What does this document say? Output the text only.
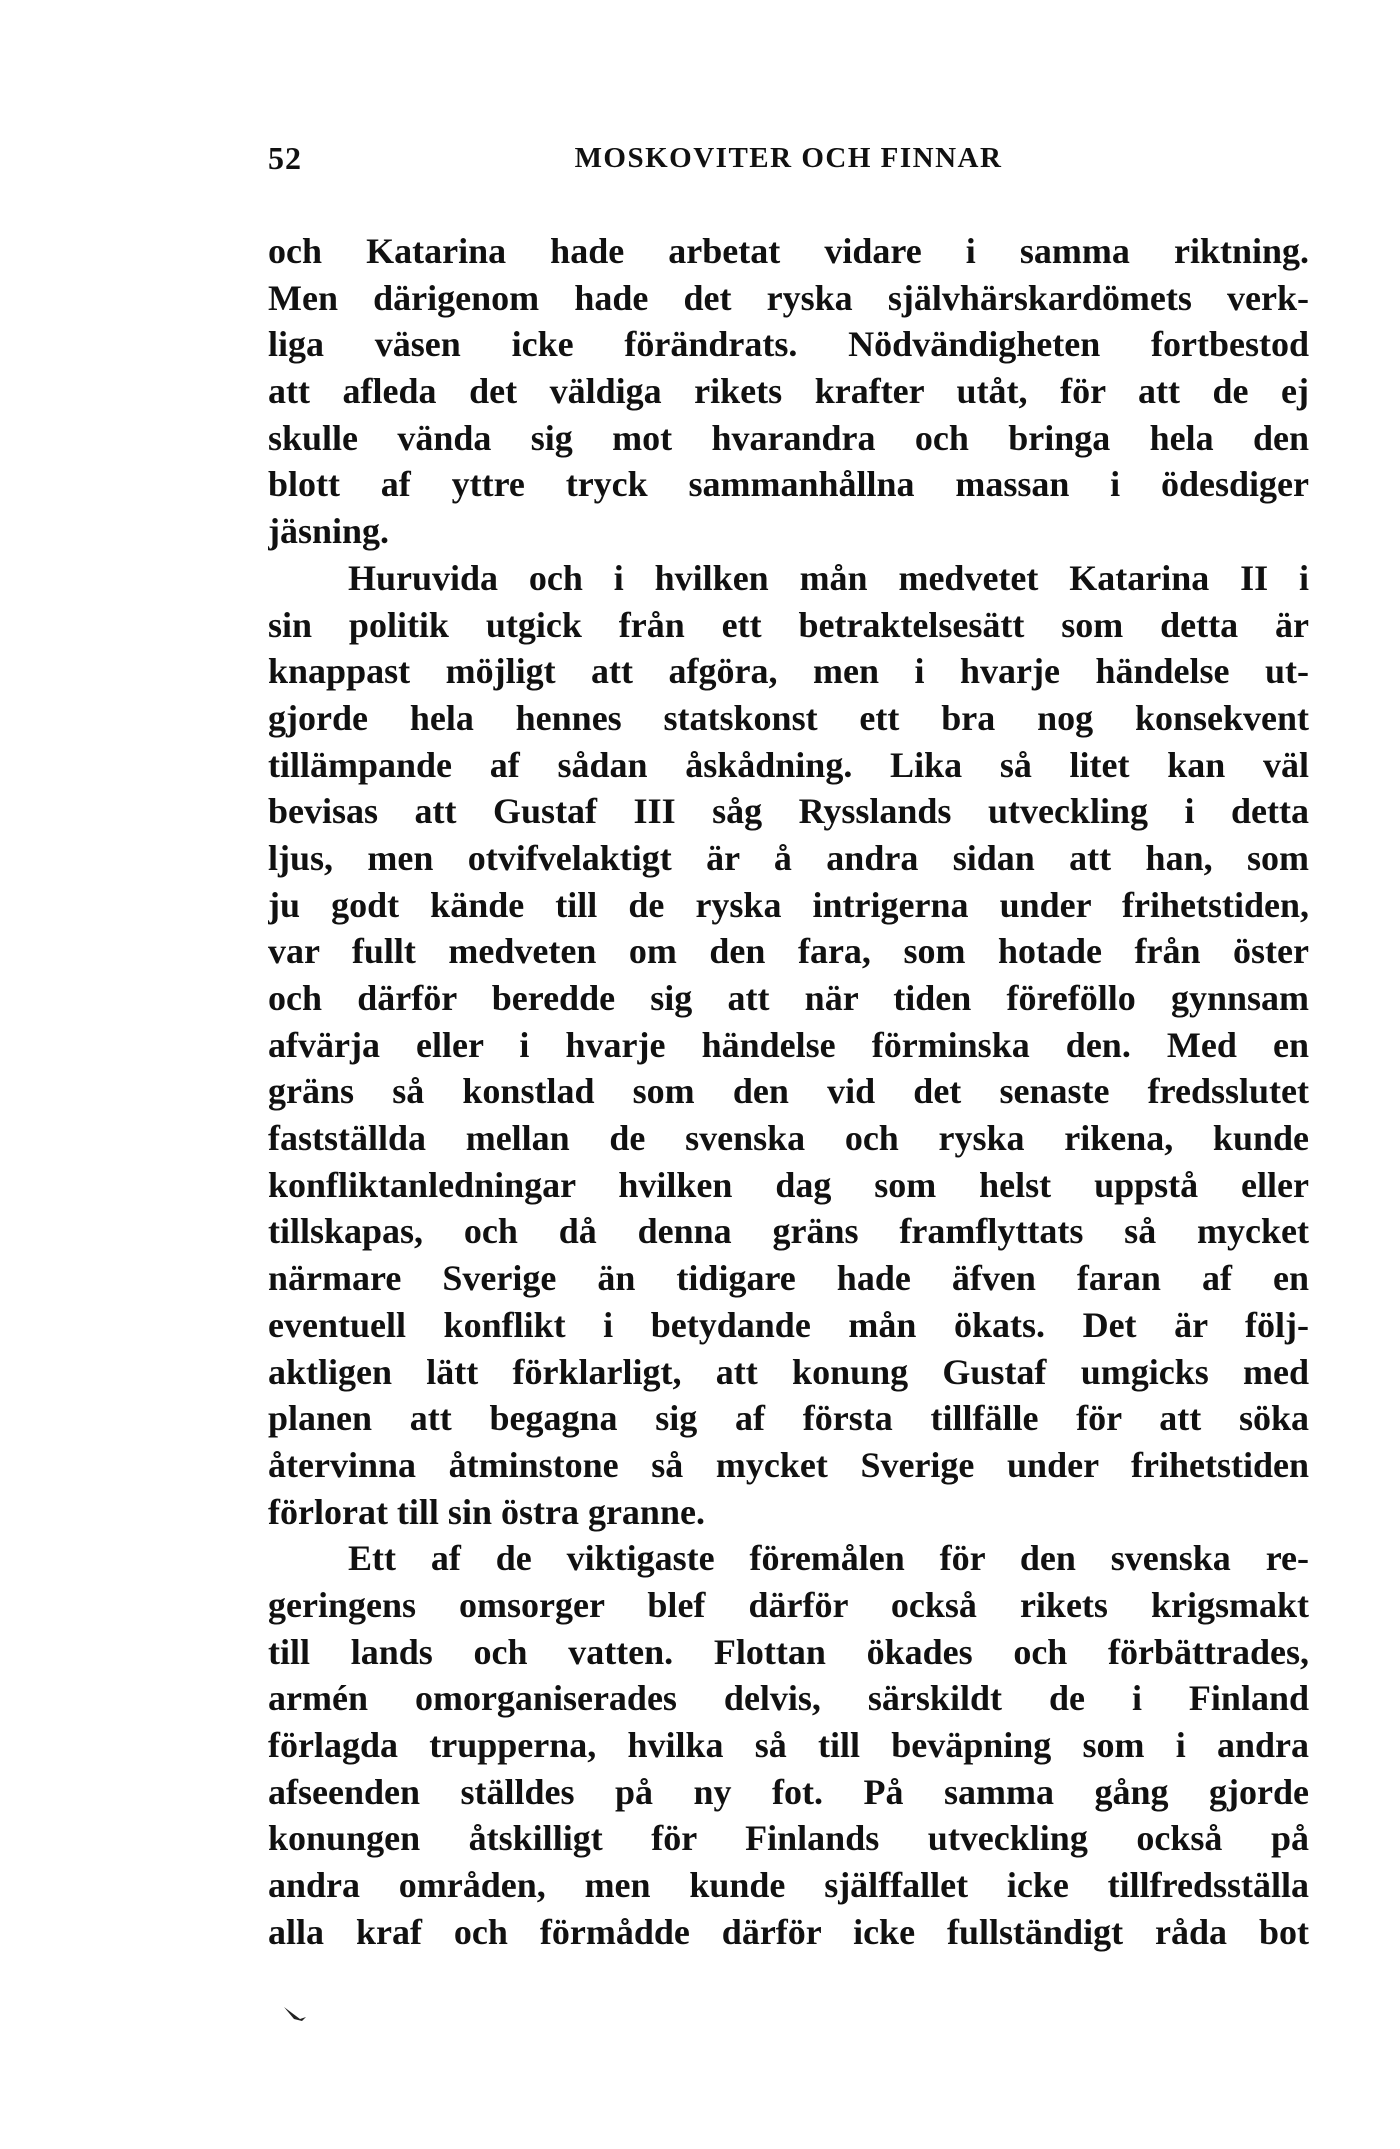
52	MOSKOVITER OCH FINNAR
och Katarina hade arbetat vidare i samma riktning.
Men därigenom hade det ryska självhärskardömets verk-
liga väsen icke förändrats. Nödvändigheten fortbestod
att afleda det väldiga rikets krafter utåt, för att de ej
skulle vända sig mot hvarandra och bringa hela den
blott af yttre tryck sammanhållna massan i ödesdiger
jäsning.
Huruvida och i hvilken mån medvetet Katarina II i
sin politik utgick från ett betraktelsesätt som detta är
knappast möjligt att afgöra, men i hvarje händelse ut-
gjorde hela hennes statskonst ett bra nog konsekvent
tillämpande af sådan åskådning. Lika så litet kan väl
bevisas att Gustaf III såg Rysslands utveckling i detta
ljus, men otvifvelaktigt är å andra sidan att han, som
ju godt kände till de ryska intrigerna under frihetstiden,
var fullt medveten om den fara, som hotade från öster
och därför beredde sig att när tiden föreföllo gynnsam
afvärja eller i hvarje händelse förminska den. Med en
gräns så konstlad som den vid det senaste fredsslutet
fastställda mellan de svenska och ryska rikena, kunde
konfliktanledningar hvilken dag som helst uppstå eller
tillskapas, och då denna gräns framflyttats så mycket
närmare Sverige än tidigare hade äfven faran af en
eventuell konflikt i betydande mån ökats. Det är följ-
aktligen lätt förklarligt, att konung Gustaf umgicks med
planen att begagna sig af första tillfälle för att söka
återvinna åtminstone så mycket Sverige under frihetstiden
förlorat till sin östra granne.
Ett af de viktigaste föremålen för den svenska re-
geringens omsorger blef därför också rikets krigsmakt
till lands och vatten. Flottan ökades och förbättrades,
armén omorganiserades delvis, särskildt de i Finland
förlagda trupperna, hvilka så till beväpning som i andra
afseenden ställdes på ny fot. På samma gång gjorde
konungen åtskilligt för Finlands utveckling också på
andra områden, men kunde själffallet icke tillfredsställa
alla kraf och förmådde därför icke fullständigt råda bot
